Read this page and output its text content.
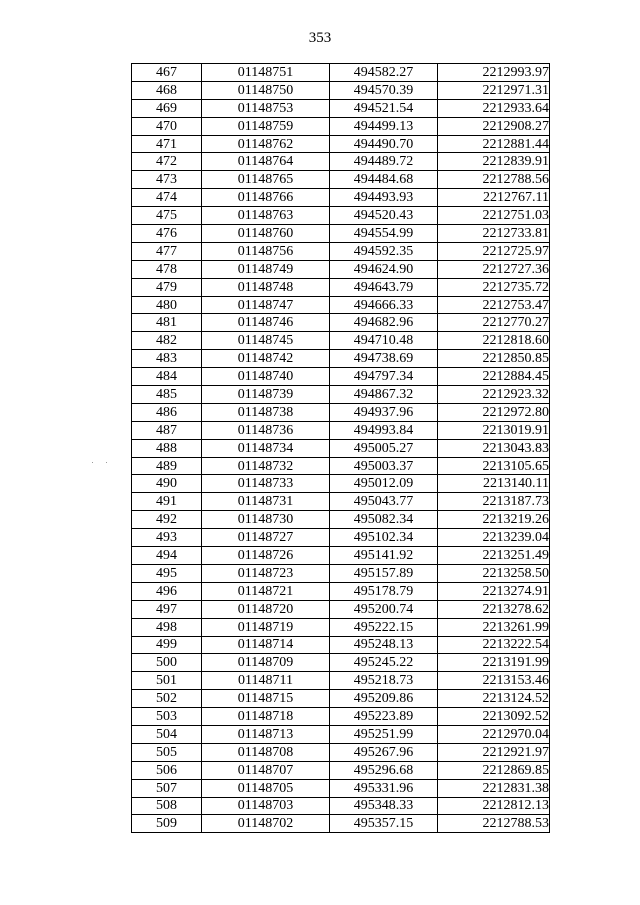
353
467	01148751	494582.27	2212993.97
468	01148750	494570.39	2212971.31
469	01148753	494521.54	2212933.64
470	01148759	494499.13	2212908.27
471	01148762	494490.70	2212881.44
472	01148764	494489.72	2212839.91
473	01148765	494484.68	2212788.56
474	01148766	494493.93	2212767.11
475	01148763	494520.43	2212751.03
476	01148760	494554.99	2212733.81
477	01148756	494592.35	2212725.97
478	01148749	494624.90	2212727.36
479	01148748	494643.79	2212735.72
480	01148747	494666.33	2212753.47
481	01148746	494682.96	2212770.27
482	01148745	494710.48	2212818.60
483	01148742	494738.69	2212850.85
484	01148740	494797.34	2212884.45
485	01148739	494867.32	2212923.32
486	01148738	494937.96	2212972.80
487	01148736	494993.84	2213019.91
488	01148734	495005.27	2213043.83
489	01148732	495003.37	2213105.65
490	01148733	495012.09	2213140.11
491	01148731	495043.77	2213187.73
492	01148730	495082.34	2213219.26
493	01148727	495102.34	2213239.04
494	01148726	495141.92	2213251.49
495	01148723	495157.89	2213258.50
496	01148721	495178.79	2213274.91
497	01148720	495200.74	2213278.62
498	01148719	495222.15	2213261.99
499	01148714	495248.13	2213222.54
500	01148709	495245.22	2213191.99
501	01148711	495218.73	2213153.46
502	01148715	495209.86	2213124.52
503	01148718	495223.89	2213092.52
504	01148713	495251.99	2212970.04
505	01148708	495267.96	2212921.97
506	01148707	495296.68	2212869.85
507	01148705	495331.96	2212831.38
508	01148703	495348.33	2212812.13
509	01148702	495357.15	2212788.53
